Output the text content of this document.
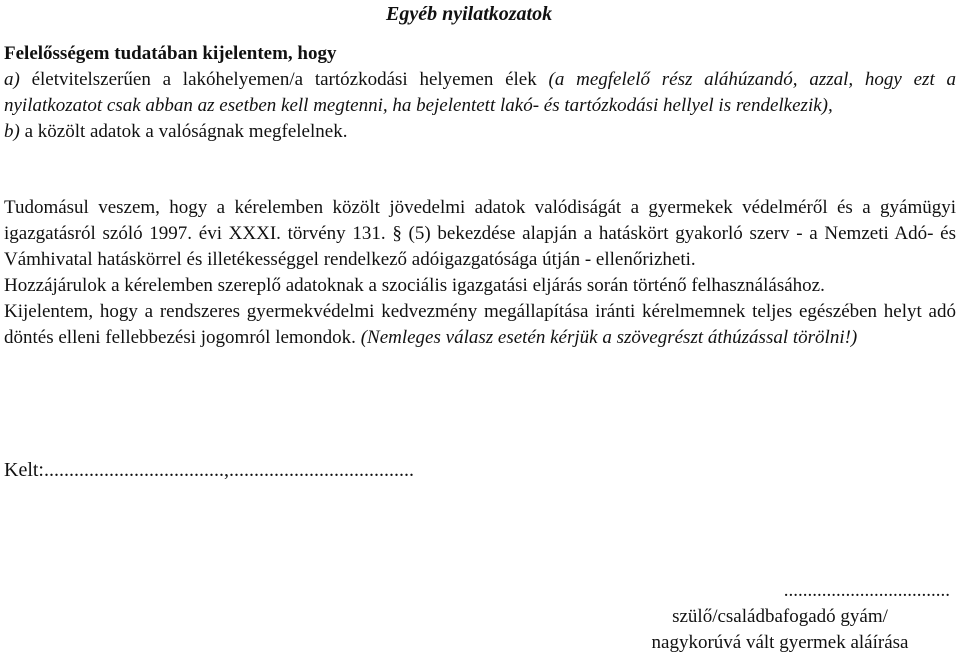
Egyéb nyilatkozatok
Felelősségem tudatában kijelentem, hogy

a) életvitelszerűen a lakóhelyemen/a tartózkodási helyemen élek (a megfelelő rész aláhúzandó, azzal, hogy ezt a nyilatkozatot csak abban az esetben kell megtenni, ha bejelentett lakó- és tartózkodási hellyel is rendelkezik),

b) a közölt adatok a valóságnak megfelelnek.

Tudomásul veszem, hogy a kérelemben közölt jövedelmi adatok valódiságát a gyermekek védelméről és a gyámügyi igazgatásról szóló 1997. évi XXXI. törvény 131. § (5) bekezdése alapján a hatáskört gyakorló szerv - a Nemzeti Adó- és Vámhivatal hatáskörrel és illetékességgel rendelkező adóigazgatósága útján - ellenőrizheti.

Hozzájárulok a kérelemben szereplő adatoknak a szociális igazgatási eljárás során történő felhasználásához.

Kijelentem, hogy a rendszeres gyermekvédelmi kedvezmény megállapítása iránti kérelmemnek teljes egészében helyt adó döntés elleni fellebbezési jogomról lemondok. (Nemleges válasz esetén kérjük a szövegrészt áthúzással törölni!)

Kelt:....................................,.....................................
...................................
szülő/családbafogadó gyám/
nagykorúvá vált gyermek aláírása
